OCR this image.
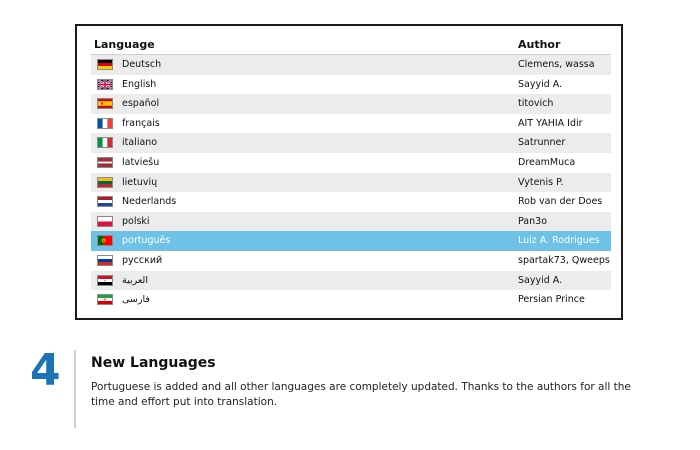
Language	Author
Deutsch	Clemens, wassa
English	Sayyid A.
español	titovich
français	AIT YAHIA Idir
italiano	Satrunner
latviešu	DreamMuca
lietuvių	Vytenis P.
Nederlands	Rob van der Does
polski	Pan3o
português	Luiz A. Rodrigues
русский	spartak73, Qweeps
العربية	Sayyid A.
فارسی	Persian Prince
4 New Languages
Portuguese is added and all other languages are completely updated. Thanks to the authors for all the time and effort put into translation.
